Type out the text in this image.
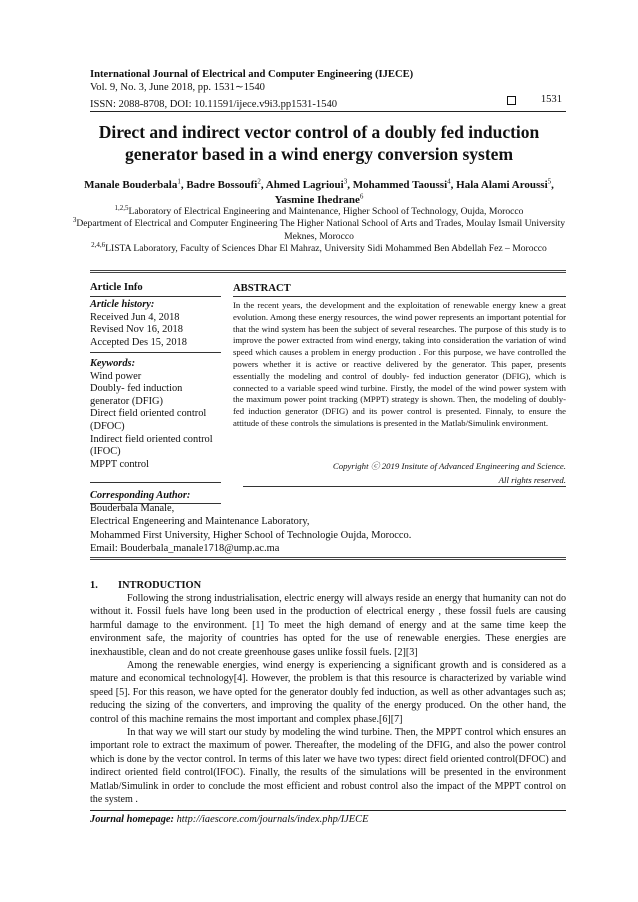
International Journal of Electrical and Computer Engineering (IJECE)
Vol. 9, No. 3, June 2018, pp. 1531∼1540
ISSN: 2088-8708, DOI: 10.11591/ijece.v9i3.pp1531-1540	1531
Direct and indirect vector control of a doubly fed induction
generator based in a wind energy conversion system
Manale Bouderbala$^1$, Badre Bossoufi$^2$, Ahmed Lagrioui$^3$, Mohammed Taoussi$^4$, Hala Alami Aroussi$^5$,
Yasmine Ihedrane$^6$
$^{1,2,5}$Laboratory of Electrical Engineering and Maintenance, Higher School of Technology, Oujda, Morocco
$^3$Department of Electrical and Computer Engineering The Higher National School of Arts and Trades, Moulay Ismail University Meknes, Morocco
$^{2,4,6}$LISTA Laboratory, Faculty of Sciences Dhar El Mahraz, University Sidi Mohammed Ben Abdellah Fez – Morocco
Article Info
Article history:
Received Jun 4, 2018
Revised Nov 16, 2018
Accepted Des 15, 2018
Keywords:
Wind power
Doubly- fed induction generator (DFIG)
Direct field oriented control (DFOC)
Indirect field oriented control (IFOC)
MPPT control
ABSTRACT
In the recent years, the development and the exploitation of renewable energy knew a great evolution. Among these energy resources, the wind power represents an important potential for that the wind system has been the subject of several researches. The purpose of this study is to improve the power extracted from wind energy, taking into consideration the variation of wind speed which causes a problem in energy production . For this purpose, we have controlled the powers whether it is active or reactive delivered by the generator. This paper, presents essentially the modeling and control of doubly- fed induction generator (DFIG), which is connected to a variable speed wind turbine. Firstly, the model of the wind power system with the maximum power point tracking (MPPT) strategy is shown. Then, the modeling of doubly- fed induction generator (DFIG) and its power control is presented. Finnaly, to ensure the attitude of these controls the simulations is presented in the Matlab/Simulink environment.
Copyright ⓒ 2019 Insitute of Advanced Engineering and Science.
All rights reserved.
Corresponding Author:
Bouderbala Manale,
Electrical Engeneering and Maintenance Laboratory,
Mohammed First University, Higher School of Technologie Oujda, Morocco.
Email: Bouderbala_manale1718@ump.ac.ma
1. INTRODUCTION

Following the strong industrialisation, electric energy will always reside an energy that humanity can not do without it. Fossil fuels have long been used in the production of electrical energy , these fossil fuels are causing harmful damage to the environment. [1] To meet the high demand of energy and at the same time keep the environment safe, the majority of countries has opted for the use of renewable energies. These energies are inexhaustible, clean and do not create greenhouse gases unlike fossil fuels. [2][3]

Among the renewable energies, wind energy is experiencing a significant growth and is considered as a mature and economical technology[4]. However, the problem is that this resource is characterized by variable wind speed [5]. For this reason, we have opted for the generator doubly fed induction, as well as other advantages such as; reducing the sizing of the converters, and improving the quality of the energy produced. On the other hand, the control of this machine remains the most important and complex phase.[6][7]

In that way we will start our study by modeling the wind turbine. Then, the MPPT control which ensures an important role to extract the maximum of power. Thereafter, the modeling of the DFIG, and also the power control which is done by the vector control. In terms of this later we have two types: direct field oriented control(DFOC) and indirect oriented field control(IFOC). Finally, the results of the simulations will be presented in the environment Matlab/Simulink in order to conclude the most efficient and robust control also the impact of the MPPT control on the system .

Journal homepage: http://iaescore.com/journals/index.php/IJECE
